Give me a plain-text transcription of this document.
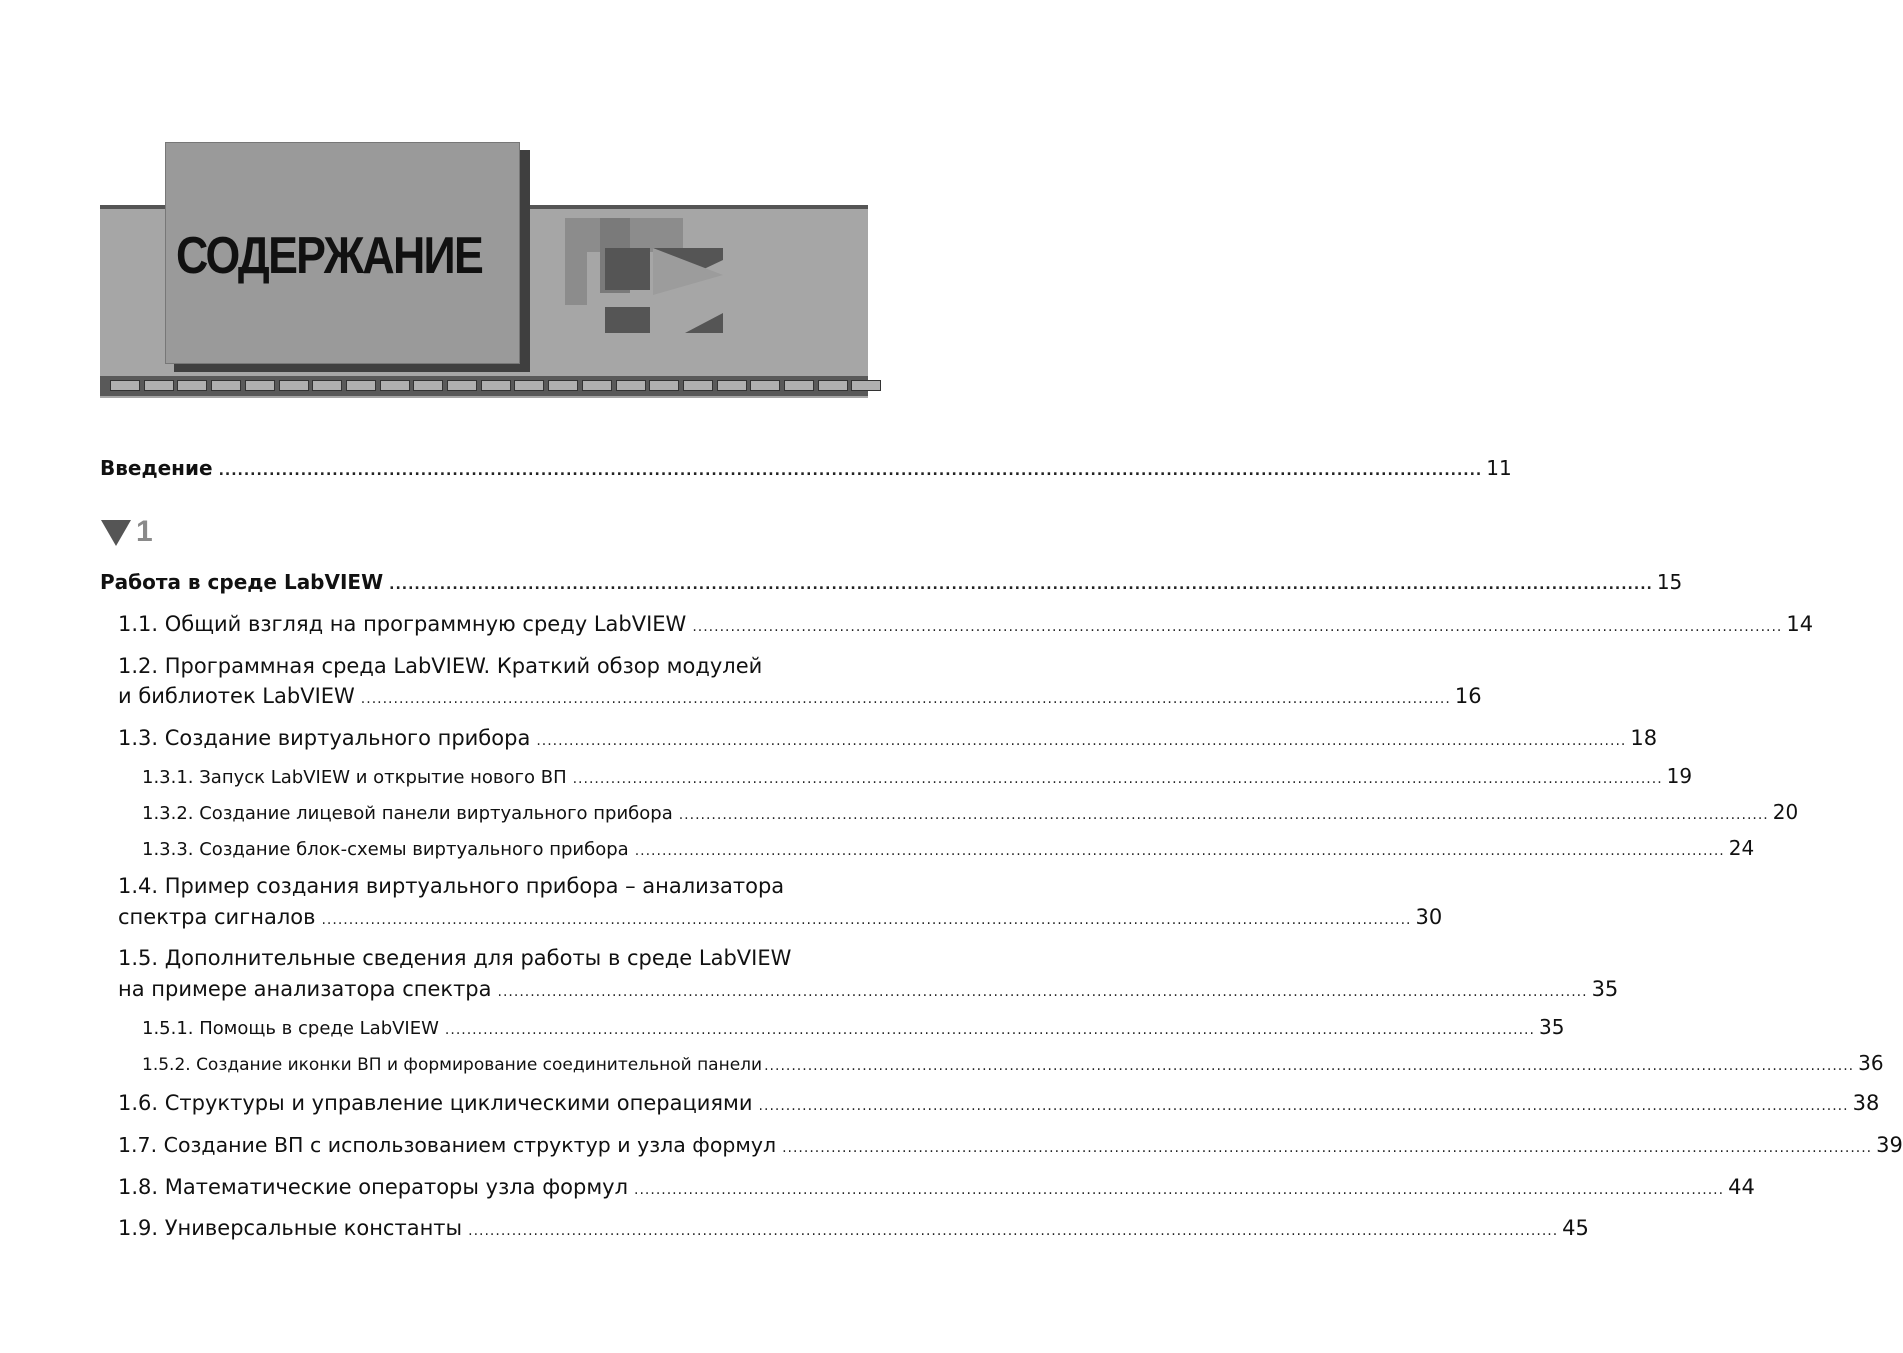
СОДЕРЖАНИЕ
Введение ........................................................................................................................................................................................................ 11
1
Работа в среде LabVIEW ........................................................................................................................................................................................................ 15
1.1. Общий взгляд на программную среду LabVIEW ........................................................................................................................................................................................................ 14
1.2. Программная среда LabVIEW. Краткий обзор модулей
и библиотек LabVIEW ........................................................................................................................................................................................................ 16
1.3. Создание виртуального прибора ........................................................................................................................................................................................................ 18
1.3.1. Запуск LabVIEW и открытие нового ВП ........................................................................................................................................................................................................ 19
1.3.2. Создание лицевой панели виртуального прибора ........................................................................................................................................................................................................ 20
1.3.3. Создание блок-схемы виртуального прибора ........................................................................................................................................................................................................ 24
1.4. Пример создания виртуального прибора – анализатора
спектра сигналов ........................................................................................................................................................................................................ 30
1.5. Дополнительные сведения для работы в среде LabVIEW
на примере анализатора спектра ........................................................................................................................................................................................................ 35
1.5.1. Помощь в среде LabVIEW ........................................................................................................................................................................................................ 35
1.5.2. Создание иконки ВП и формирование соединительной панели ........................................................................................................................................................................................................ 36
1.6. Структуры и управление циклическими операциями ........................................................................................................................................................................................................ 38
1.7. Создание ВП с использованием структур и узла формул ........................................................................................................................................................................................................ 39
1.8. Математические операторы узла формул ........................................................................................................................................................................................................ 44
1.9. Универсальные константы ........................................................................................................................................................................................................ 45
